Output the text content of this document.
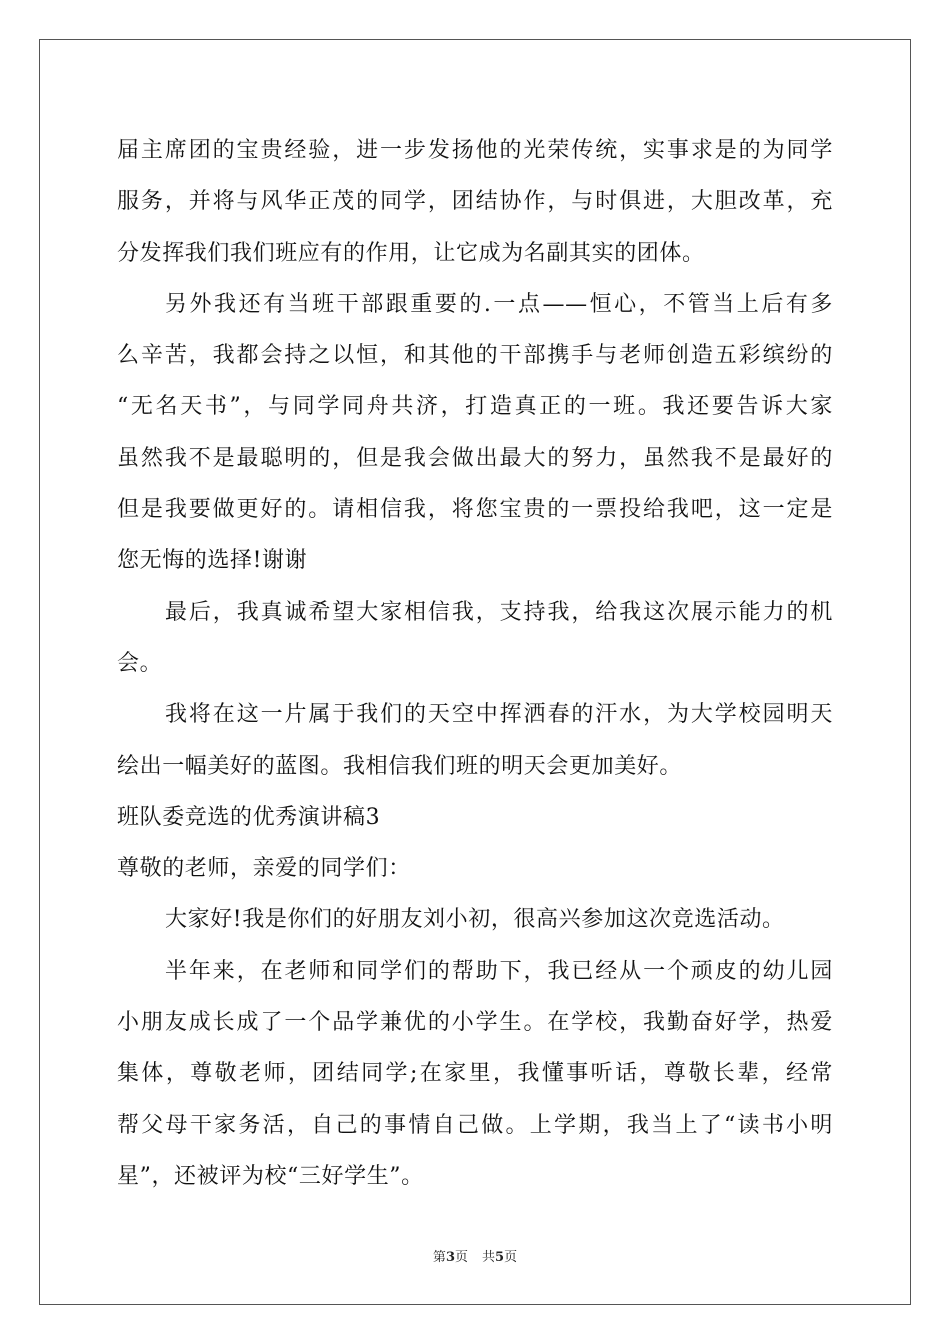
届主席团的宝贵经验，进一步发扬他的光荣传统，实事求是的为同学
服务，并将与风华正茂的同学，团结协作，与时俱进，大胆改革，充
分发挥我们我们班应有的作用，让它成为名副其实的团体。
另外我还有当班干部跟重要的.一点——恒心，不管当上后有多
么辛苦，我都会持之以恒，和其他的干部携手与老师创造五彩缤纷的
“无名天书”，与同学同舟共济，打造真正的一班。我还要告诉大家
虽然我不是最聪明的，但是我会做出最大的努力，虽然我不是最好的
但是我要做更好的。请相信我，将您宝贵的一票投给我吧，这一定是
您无悔的选择!谢谢
最后，我真诚希望大家相信我，支持我，给我这次展示能力的机
会。
我将在这一片属于我们的天空中挥洒春的汗水，为大学校园明天
绘出一幅美好的蓝图。我相信我们班的明天会更加美好。
班队委竞选的优秀演讲稿3
尊敬的老师，亲爱的同学们：
大家好!我是你们的好朋友刘小初，很高兴参加这次竞选活动。
半年来，在老师和同学们的帮助下，我已经从一个顽皮的幼儿园
小朋友成长成了一个品学兼优的小学生。在学校，我勤奋好学，热爱
集体，尊敬老师，团结同学;在家里，我懂事听话，尊敬长辈，经常
帮父母干家务活，自己的事情自己做。上学期，我当上了“读书小明
星”，还被评为校“三好学生”。
第3页 共5页
